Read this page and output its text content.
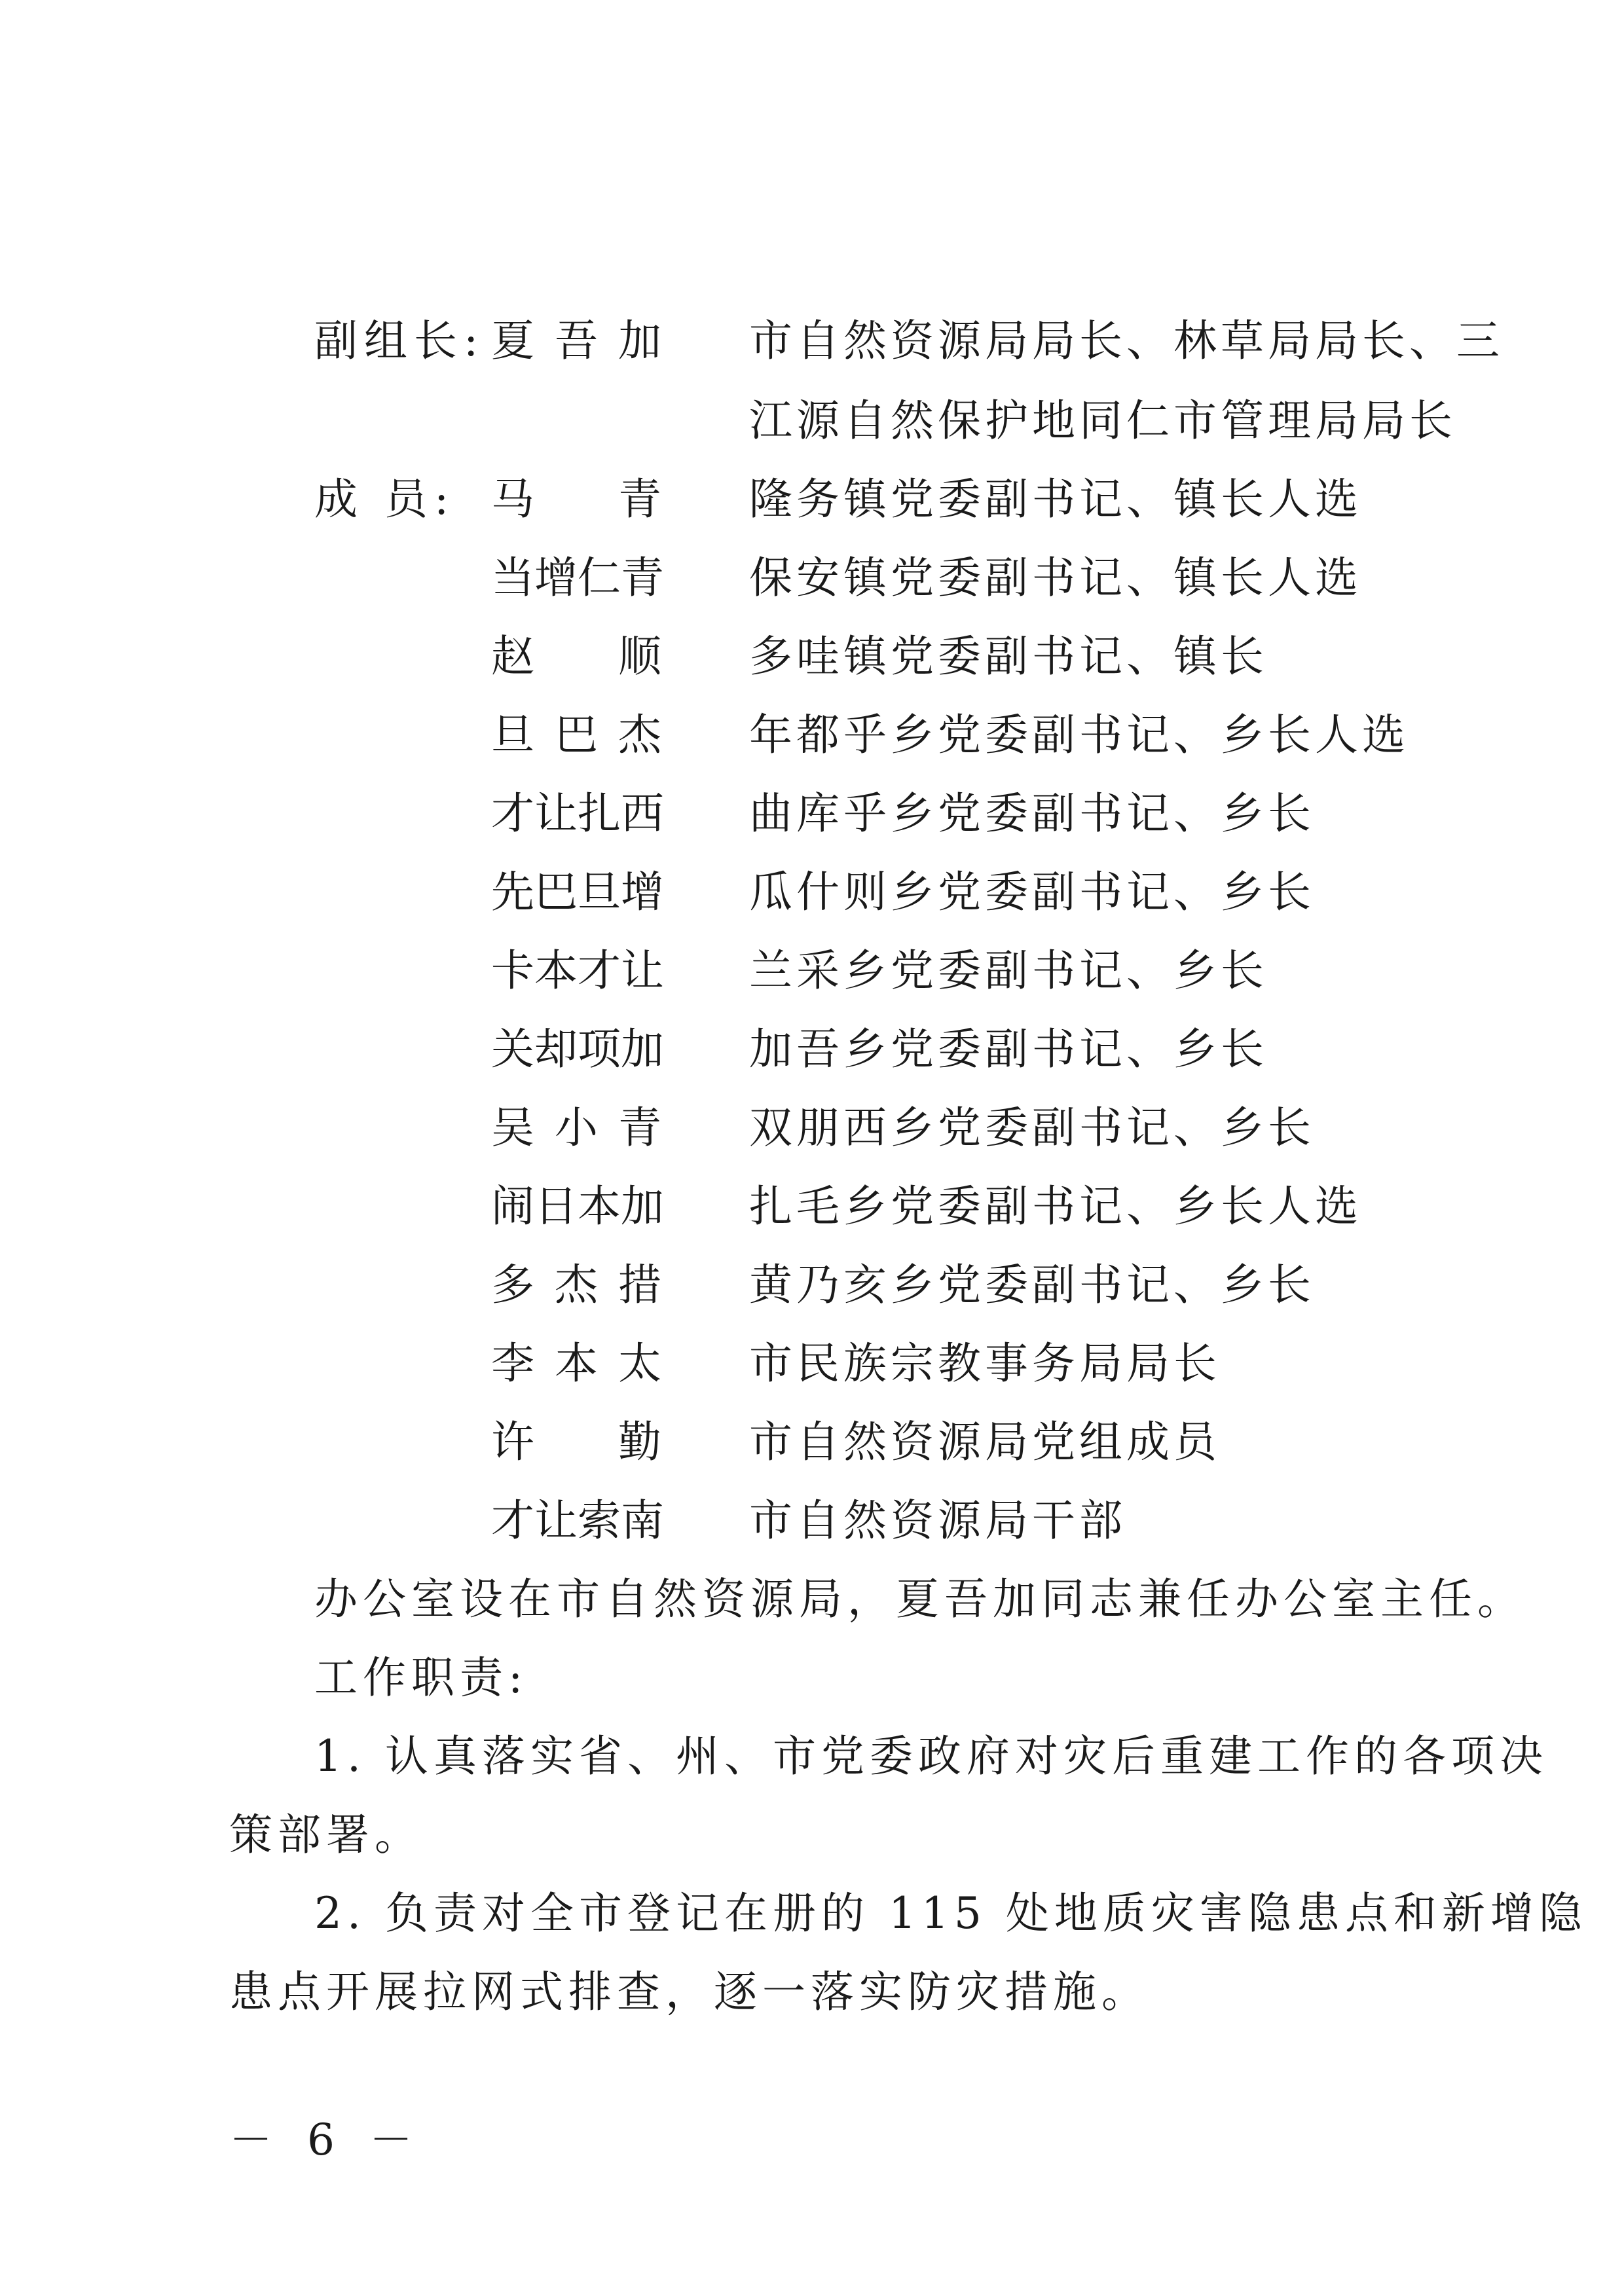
副组长: 夏 吾 加 市自然资源局局长、林草局局长、三
江源自然保护地同仁市管理局局长
成 员: 马 青 隆务镇党委副书记、镇长人选
当增仁青 保安镇党委副书记、镇长人选
赵 顺 多哇镇党委副书记、镇长
旦 巴 杰 年都乎乡党委副书记、乡长人选
才让扎西 曲库乎乡党委副书记、乡长
先巴旦增 瓜什则乡党委副书记、乡长
卡本才让 兰采乡党委副书记、乡长
关却项加 加吾乡党委副书记、乡长
吴 小 青 双朋西乡党委副书记、乡长
闹日本加 扎毛乡党委副书记、乡长人选
多 杰 措 黄乃亥乡党委副书记、乡长
李 本 太 市民族宗教事务局局长
许 勤 市自然资源局党组成员
才让索南 市自然资源局干部
办公室设在市自然资源局，夏吾加同志兼任办公室主任。
工作职责:
1. 认真落实省、州、市党委政府对灾后重建工作的各项决
策部署。
2. 负责对全市登记在册的 115 处地质灾害隐患点和新增隐
患点开展拉网式排查，逐一落实防灾措施。
－ 6 －
